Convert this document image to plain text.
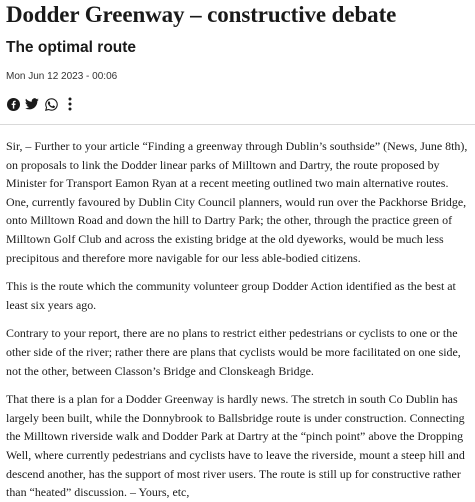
Dodder Greenway – constructive debate
The optimal route
Mon Jun 12 2023 - 00:06

Sir, – Further to your article “Finding a greenway through Dublin’s southside” (News, June 8th), on proposals to link the Dodder linear parks of Milltown and Dartry, the route proposed by Minister for Transport Eamon Ryan at a recent meeting outlined two main alternative routes. One, currently favoured by Dublin City Council planners, would run over the Packhorse Bridge, onto Milltown Road and down the hill to Dartry Park; the other, through the practice green of Milltown Golf Club and across the existing bridge at the old dyeworks, would be much less precipitous and therefore more navigable for our less able-bodied citizens.

This is the route which the community volunteer group Dodder Action identified as the best at least six years ago.

Contrary to your report, there are no plans to restrict either pedestrians or cyclists to one or the other side of the river; rather there are plans that cyclists would be more facilitated on one side, not the other, between Classon’s Bridge and Clonskeagh Bridge.

That there is a plan for a Dodder Greenway is hardly news. The stretch in south Co Dublin has largely been built, while the Donnybrook to Ballsbridge route is under construction. Connecting the Milltown riverside walk and Dodder Park at Dartry at the “pinch point” above the Dropping Well, where currently pedestrians and cyclists have to leave the riverside, mount a steep hill and descend another, has the support of most river users. The route is still up for constructive rather than “heated” discussion. – Yours, etc,
